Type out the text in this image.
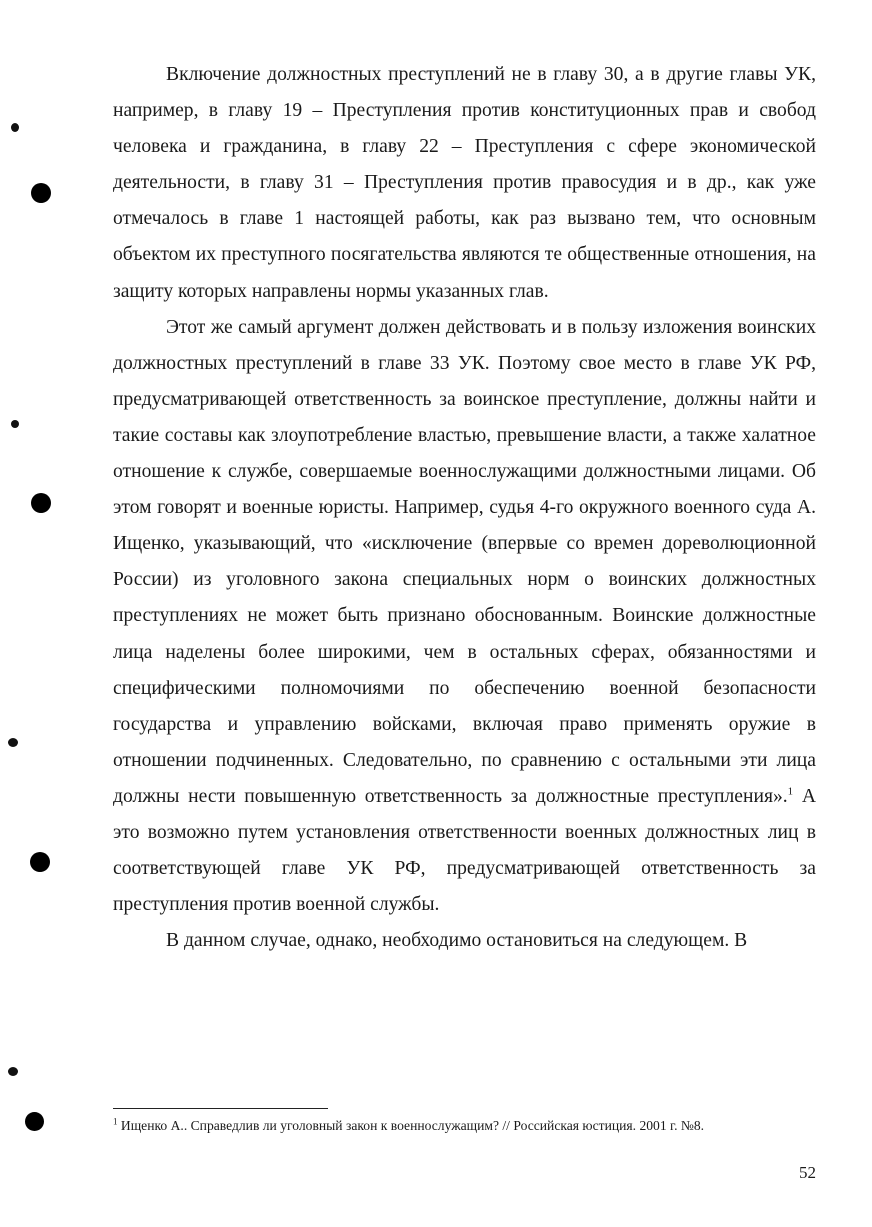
Включение должностных преступлений не в главу 30, а в другие главы УК, например, в главу 19 – Преступления против конституционных прав и свобод человека и гражданина, в главу 22 – Преступления с сфере экономической деятельности, в главу 31 – Преступления против правосудия и в др., как уже отмечалось в главе 1 настоящей работы, как раз вызвано тем, что основным объектом их преступного посягательства являются те общественные отношения, на защиту которых направлены нормы указанных глав.

Этот же самый аргумент должен действовать и в пользу изложения воинских должностных преступлений в главе 33 УК. Поэтому свое место в главе УК РФ, предусматривающей ответственность за воинское преступление, должны найти и такие составы как злоупотребление властью, превышение власти, а также халатное отношение к службе, совершаемые военнослужащими должностными лицами. Об этом говорят и военные юристы. Например, судья 4-го окружного военного суда А. Ищенко, указывающий, что «исключение (впервые со времен дореволюционной России) из уголовного закона специальных норм о воинских должностных преступлениях не может быть признано обоснованным. Воинские должностные лица наделены более широкими, чем в остальных сферах, обязанностями и специфическими полномочиями по обеспечению военной безопасности государства и управлению войсками, включая право применять оружие в отношении подчиненных. Следовательно, по сравнению с остальными эти лица должны нести повышенную ответственность за должностные преступления».$^1$ А это возможно путем установления ответственности военных должностных лиц в соответствующей главе УК РФ, предусматривающей ответственность за преступления против военной службы.

В данном случае, однако, необходимо остановиться на следующем. В

$^1$ Ищенко А.. Справедлив ли уголовный закон к военнослужащим? // Российская юстиция. 2001 г. №8.

52
